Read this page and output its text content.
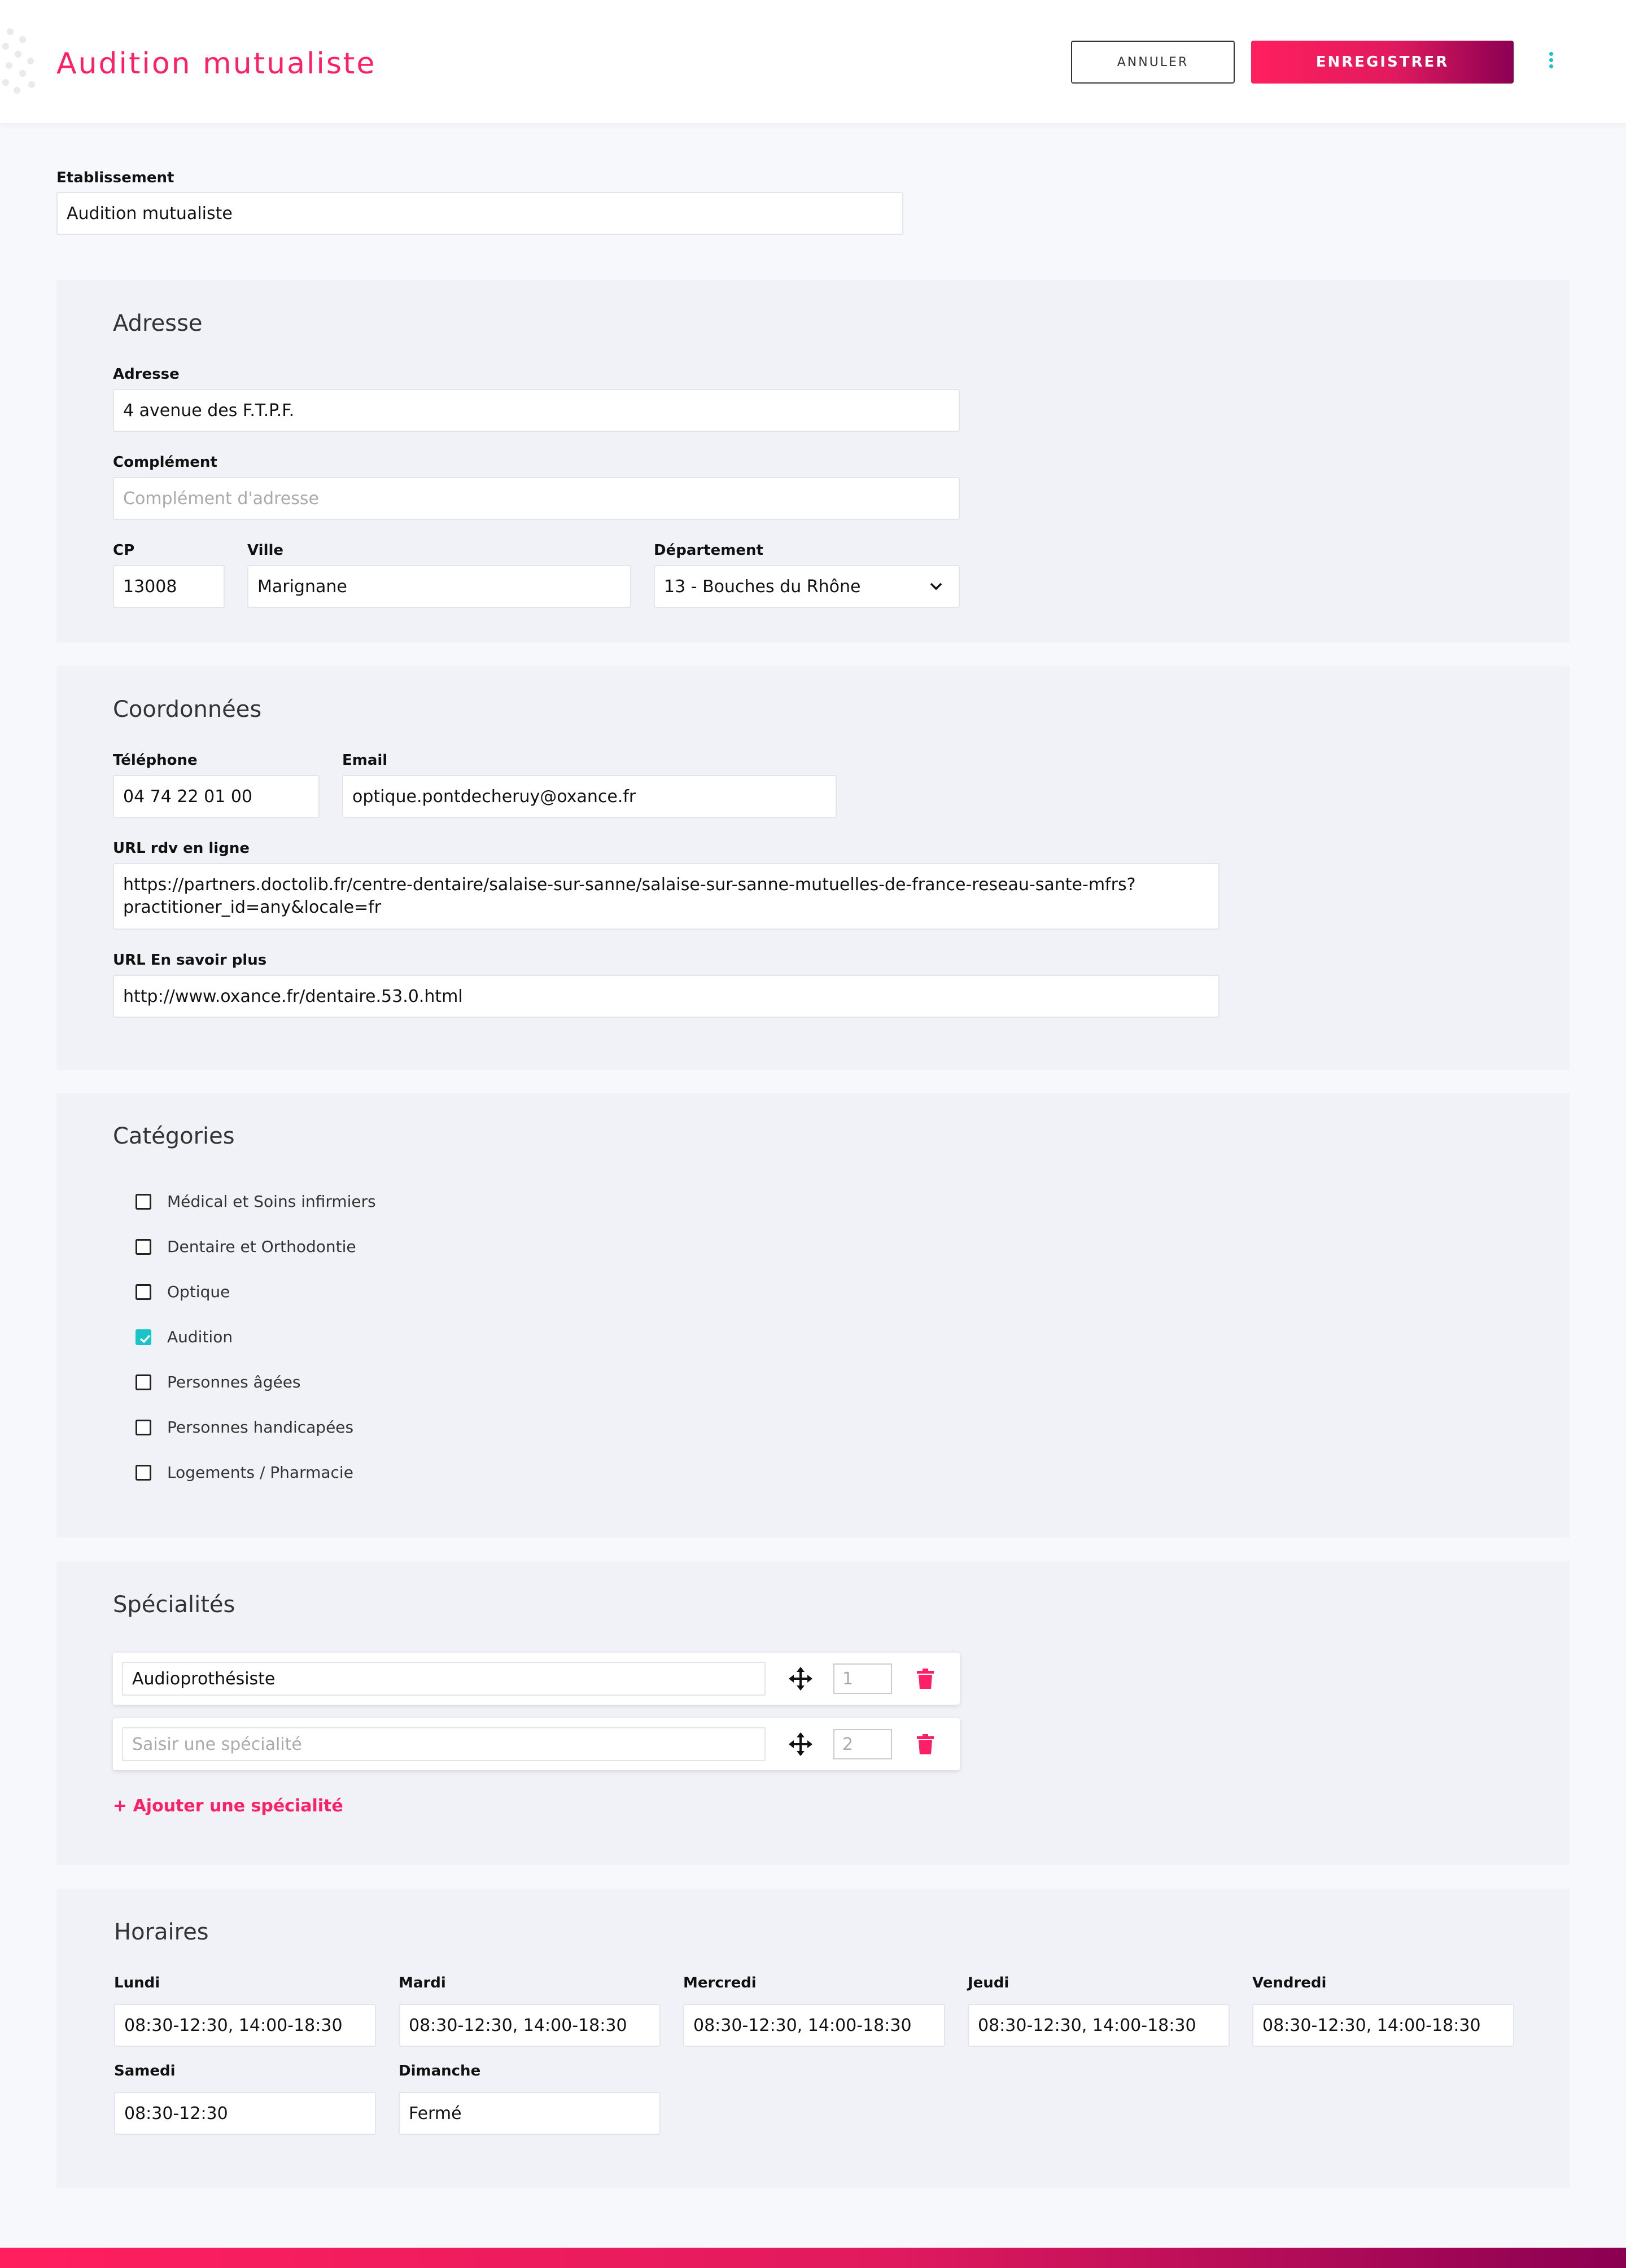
Audition mutualiste	ANNULER	ENREGISTRER
Etablissement
Audition mutualiste
Adresse
Adresse
4 avenue des F.T.P.F.
Complément
Complément d'adresse
CP
13008
Ville
Marignane
Département
13 - Bouches du Rhône
Coordonnées
Téléphone
04 74 22 01 00
Email
optique.pontdecheruy@oxance.fr
URL rdv en ligne
https://partners.doctolib.fr/centre-dentaire/salaise-sur-sanne/salaise-sur-sanne-mutuelles-de-france-reseau-sante-mfrs?practitioner_id=any&locale=fr
URL En savoir plus
http://www.oxance.fr/dentaire.53.0.html
Catégories
Médical et Soins infirmiers
Dentaire et Orthodontie
Optique
Audition
Personnes âgées
Personnes handicapées
Logements / Pharmacie
Spécialités
Audioprothésiste	1
Saisir une spécialité	2
+ Ajouter une spécialité
Horaires
Lundi
08:30-12:30, 14:00-18:30
Mardi
08:30-12:30, 14:00-18:30
Mercredi
08:30-12:30, 14:00-18:30
Jeudi
08:30-12:30, 14:00-18:30
Vendredi
08:30-12:30, 14:00-18:30
Samedi
08:30-12:30
Dimanche
Fermé
